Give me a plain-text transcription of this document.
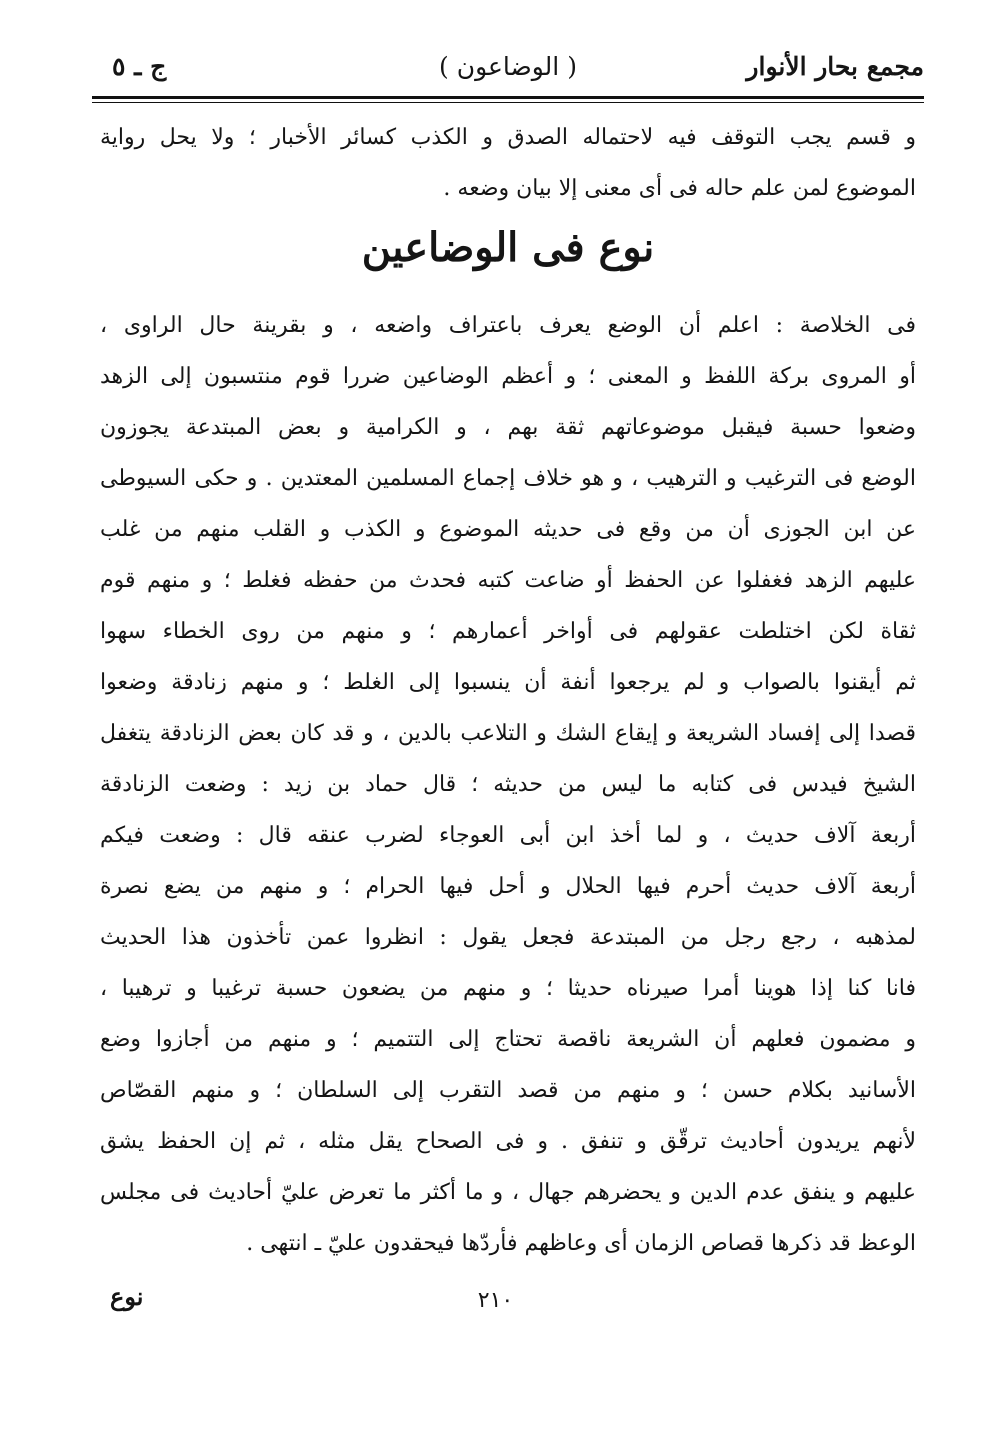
مجمع بحار الأنوار
( الوضاعون )
ج ـ ٥
و قسم يجب التوقف فيه لاحتماله الصدق و الكذب كسائر الأخبار ؛ ولا يحل رواية
الموضوع لمن علم حاله فى أى معنى إلا بيان وضعه .
نوع فى الوضاعين
فى الخلاصة : اعلم أن الوضع يعرف باعتراف واضعه ، و بقرينة حال الراوى ،
أو المروى بركة اللفظ و المعنى ؛ و أعظم الوضاعين ضررا قوم منتسبون إلى الزهد
وضعوا حسبة فيقبل موضوعاتهم ثقة بهم ، و الكرامية و بعض المبتدعة يجوزون
الوضع فى الترغيب و الترهيب ، و هو خلاف إجماع المسلمين المعتدين . و حكى السيوطى
عن ابن الجوزى أن من وقع فى حديثه الموضوع و الكذب و القلب منهم من غلب
عليهم الزهد فغفلوا عن الحفظ أو ضاعت كتبه فحدث من حفظه فغلط ؛ و منهم قوم
ثقاة لكن اختلطت عقولهم فى أواخر أعمارهم ؛ و منهم من روى الخطاء سهوا
ثم أيقنوا بالصواب و لم يرجعوا أنفة أن ينسبوا إلى الغلط ؛ و منهم زنادقة وضعوا
قصدا إلى إفساد الشريعة و إيقاع الشك و التلاعب بالدين ، و قد كان بعض الزنادقة يتغفل
الشيخ فيدس فى كتابه ما ليس من حديثه ؛ قال حماد بن زيد : وضعت الزنادقة
أربعة آلاف حديث ، و لما أخذ ابن أبى العوجاء لضرب عنقه قال : وضعت فيكم
أربعة آلاف حديث أحرم فيها الحلال و أحل فيها الحرام ؛ و منهم من يضع نصرة
لمذهبه ، رجع رجل من المبتدعة فجعل يقول : انظروا عمن تأخذون هذا الحديث
فانا كنا إذا هوينا أمرا صيرناه حديثا ؛ و منهم من يضعون حسبة ترغيبا و ترهيبا ،
و مضمون فعلهم أن الشريعة ناقصة تحتاج إلى التتميم ؛ و منهم من أجازوا وضع
الأسانيد بكلام حسن ؛ و منهم من قصد التقرب إلى السلطان ؛ و منهم القصّاص
لأنهم يريدون أحاديث ترقّق و تنفق . و فى الصحاح يقل مثله ، ثم إن الحفظ يشق
عليهم و ينفق عدم الدين و يحضرهم جهال ، و ما أكثر ما تعرض عليّ أحاديث فى مجلس
الوعظ قد ذكرها قصاص الزمان أى وعاظهم فأردّها فيحقدون عليّ ـ انتهى .
٢١٠
نوع
